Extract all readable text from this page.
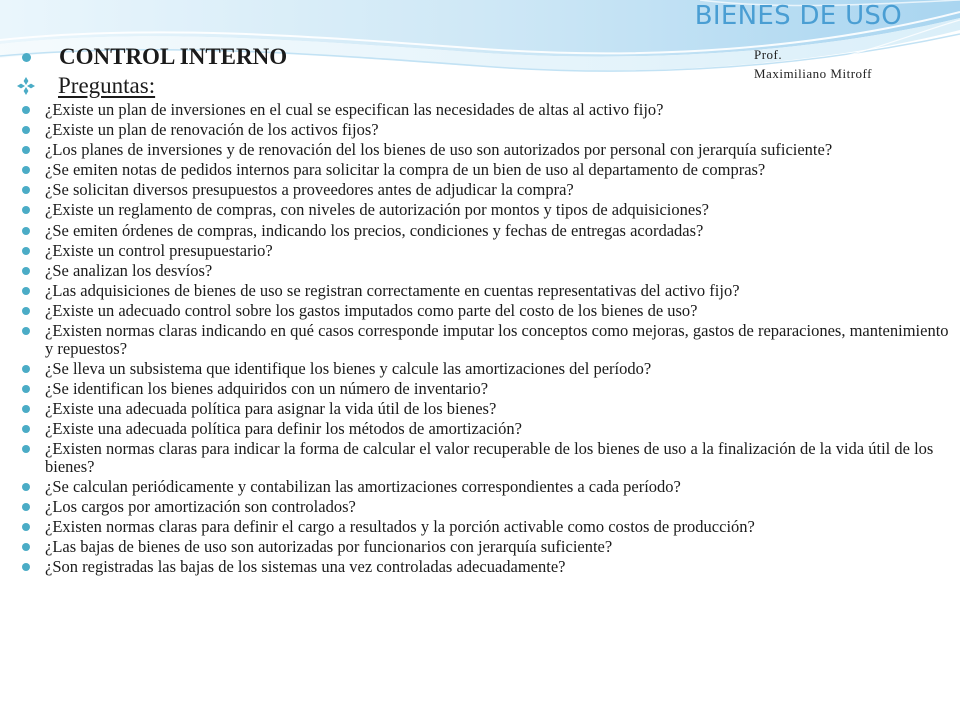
BIENES DE USO
Prof.
Maximiliano Mitroff
CONTROL INTERNO
Preguntas:
¿Existe un plan de inversiones en el cual se especifican las necesidades de altas al activo fijo?
¿Existe un plan de renovación de los activos fijos?
¿Los planes de inversiones y de renovación del los bienes de uso son autorizados por personal con jerarquía suficiente?
¿Se emiten notas de pedidos internos para solicitar la compra de un bien de uso al departamento de compras?
¿Se solicitan diversos presupuestos a proveedores antes de adjudicar la compra?
¿Existe un reglamento de compras, con niveles de autorización por montos y tipos de adquisiciones?
¿Se emiten órdenes de compras, indicando los precios, condiciones y fechas de entregas acordadas?
¿Existe un control presupuestario?
¿Se analizan los desvíos?
¿Las adquisiciones de bienes de uso se registran correctamente en cuentas representativas del activo fijo?
¿Existe un adecuado control sobre los gastos imputados como parte del costo de los bienes de uso?
¿Existen normas claras indicando en qué casos corresponde imputar los conceptos como mejoras, gastos de reparaciones, mantenimiento y repuestos?
¿Se lleva un subsistema que identifique los bienes y calcule las amortizaciones del período?
¿Se identifican los bienes adquiridos con un número de inventario?
¿Existe una adecuada política para asignar la vida útil de los bienes?
¿Existe una adecuada política para definir los métodos de amortización?
¿Existen normas claras para indicar la forma de calcular el valor recuperable de los bienes de uso a la finalización de la vida útil de los bienes?
¿Se calculan periódicamente y contabilizan las amortizaciones correspondientes a cada período?
¿Los cargos por amortización son controlados?
¿Existen normas claras para definir el cargo a resultados y la porción activable como costos de producción?
¿Las bajas de bienes de uso son autorizadas por funcionarios con jerarquía suficiente?
¿Son registradas las bajas de los sistemas una vez controladas adecuadamente?
